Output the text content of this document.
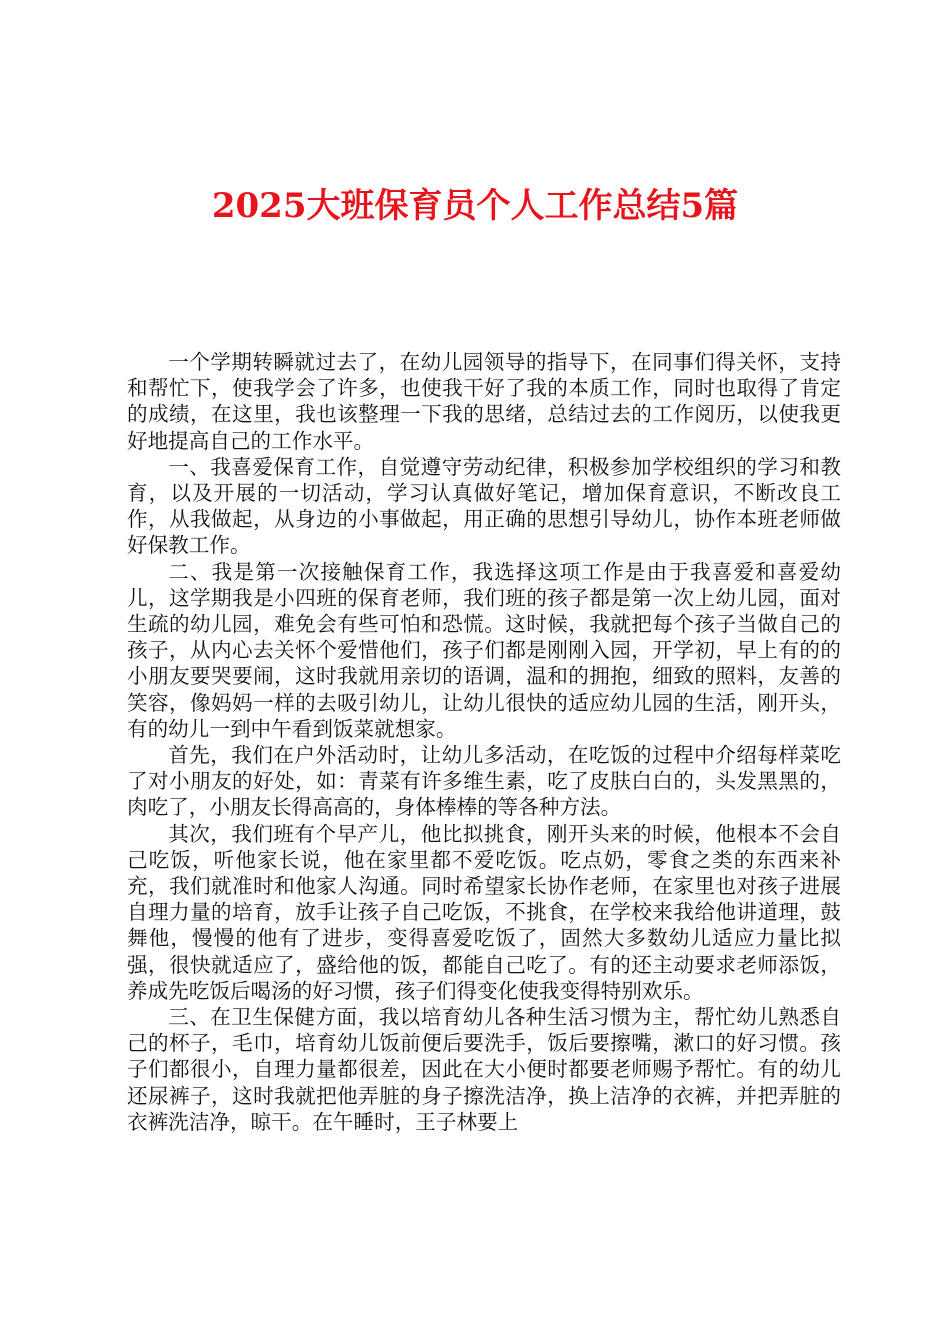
2025大班保育员个人工作总结5篇

一个学期转瞬就过去了，在幼儿园领导的指导下，在同事们得关怀，支持和帮忙下，使我学会了许多，也使我干好了我的本质工作，同时也取得了肯定的成绩，在这里，我也该整理一下我的思绪，总结过去的工作阅历，以使我更好地提高自己的工作水平。

一、我喜爱保育工作，自觉遵守劳动纪律，积极参加学校组织的学习和教育，以及开展的一切活动，学习认真做好笔记，增加保育意识，不断改良工作，从我做起，从身边的小事做起，用正确的思想引导幼儿，协作本班老师做好保教工作。

二、我是第一次接触保育工作，我选择这项工作是由于我喜爱和喜爱幼儿，这学期我是小四班的保育老师，我们班的孩子都是第一次上幼儿园，面对生疏的幼儿园，难免会有些可怕和恐慌。这时候，我就把每个孩子当做自己的孩子，从内心去关怀个爱惜他们，孩子们都是刚刚入园，开学初，早上有的的小朋友要哭要闹，这时我就用亲切的语调，温和的拥抱，细致的照料，友善的笑容，像妈妈一样的去吸引幼儿，让幼儿很快的适应幼儿园的生活，刚开头，有的幼儿一到中午看到饭菜就想家。

首先，我们在户外活动时，让幼儿多活动，在吃饭的过程中介绍每样菜吃了对小朋友的好处，如：青菜有许多维生素，吃了皮肤白白的，头发黑黑的，肉吃了，小朋友长得高高的，身体棒棒的等各种方法。

其次，我们班有个早产儿，他比拟挑食，刚开头来的时候，他根本不会自己吃饭，听他家长说，他在家里都不爱吃饭。吃点奶，零食之类的东西来补充，我们就准时和他家人沟通。同时希望家长协作老师，在家里也对孩子进展自理力量的培育，放手让孩子自己吃饭，不挑食，在学校来我给他讲道理，鼓舞他，慢慢的他有了进步，变得喜爱吃饭了，固然大多数幼儿适应力量比拟强，很快就适应了，盛给他的饭，都能自己吃了。有的还主动要求老师添饭，养成先吃饭后喝汤的好习惯，孩子们得变化使我变得特别欢乐。

三、在卫生保健方面，我以培育幼儿各种生活习惯为主，帮忙幼儿熟悉自己的杯子，毛巾，培育幼儿饭前便后要洗手，饭后要擦嘴，漱口的好习惯。孩子们都很小，自理力量都很差，因此在大小便时都要老师赐予帮忙。有的幼儿还尿裤子，这时我就把他弄脏的身子擦洗洁净，换上洁净的衣裤，并把弄脏的衣裤洗洁净，晾干。在午睡时，王子林要上
